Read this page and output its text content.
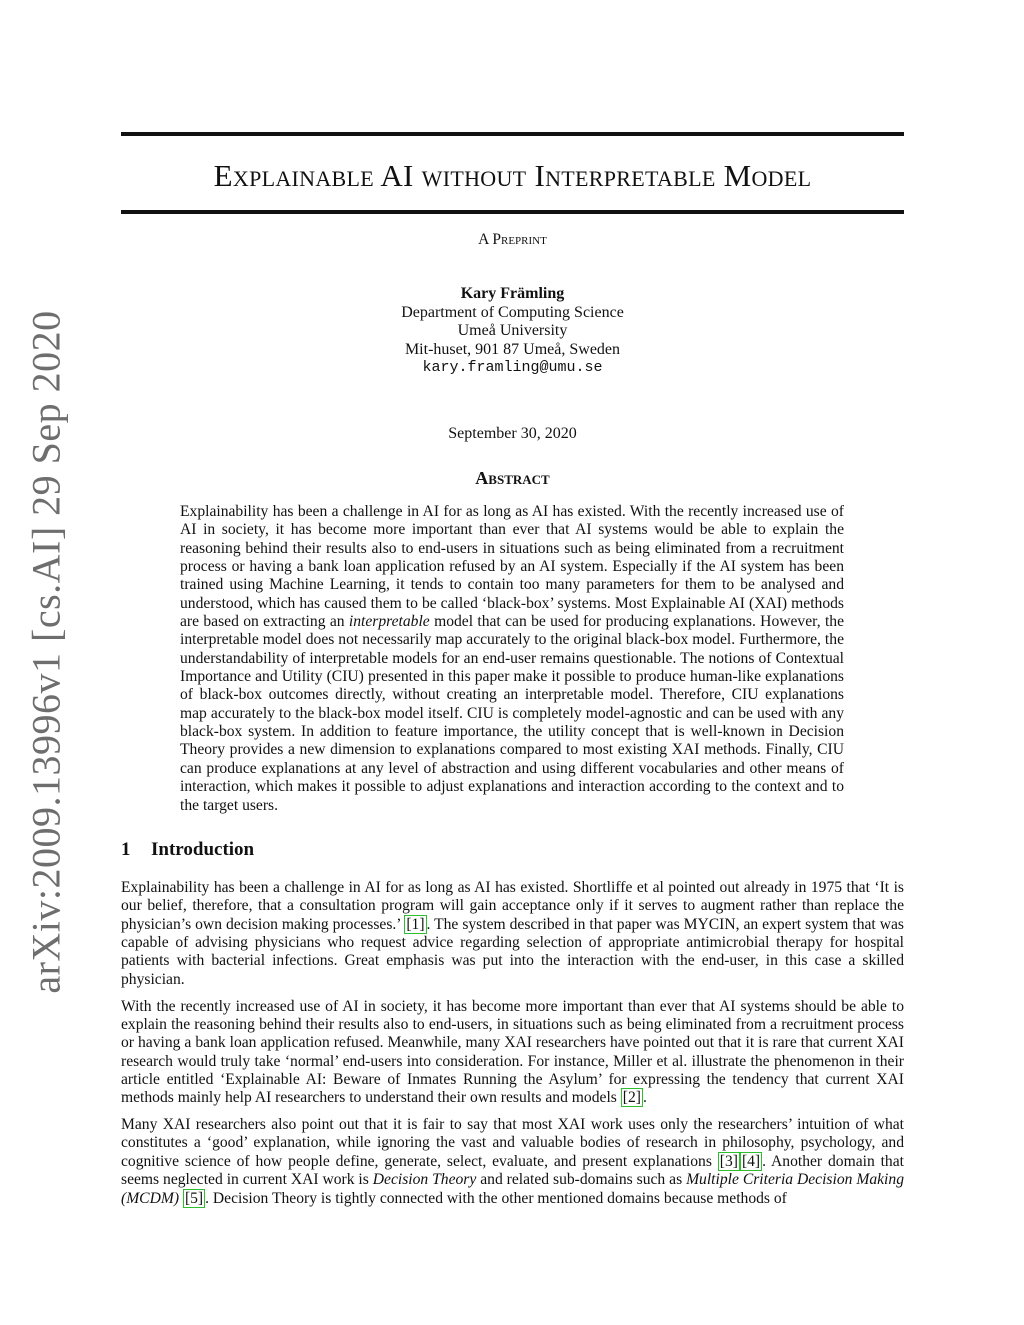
arXiv:2009.13996v1 [cs.AI] 29 Sep 2020
Explainable AI without Interpretable Model
A Preprint
Kary Främling
Department of Computing Science
Umeå University
Mit-huset, 901 87 Umeå, Sweden
kary.framling@umu.se
September 30, 2020
Abstract
Explainability has been a challenge in AI for as long as AI has existed. With the recently increased use of AI in society, it has become more important than ever that AI systems would be able to explain the reasoning behind their results also to end-users in situations such as being eliminated from a recruitment process or having a bank loan application refused by an AI system. Especially if the AI system has been trained using Machine Learning, it tends to contain too many parameters for them to be analysed and understood, which has caused them to be called ‘black-box’ systems. Most Explainable AI (XAI) methods are based on extracting an interpretable model that can be used for producing explanations. However, the interpretable model does not necessarily map accurately to the original black-box model. Furthermore, the understandability of interpretable models for an end-user remains questionable. The notions of Contextual Importance and Utility (CIU) presented in this paper make it possible to produce human-like explanations of black-box outcomes directly, without creating an interpretable model. Therefore, CIU explanations map accurately to the black-box model itself. CIU is completely model-agnostic and can be used with any black-box system. In addition to feature importance, the utility concept that is well-known in Decision Theory provides a new dimension to explanations compared to most existing XAI methods. Finally, CIU can produce explanations at any level of abstraction and using different vocabularies and other means of interaction, which makes it possible to adjust explanations and interaction according to the context and to the target users.
1 Introduction

Explainability has been a challenge in AI for as long as AI has existed. Shortliffe et al pointed out already in 1975 that ‘It is our belief, therefore, that a consultation program will gain acceptance only if it serves to augment rather than replace the physician’s own decision making processes.’ [1] . The system described in that paper was MYCIN, an expert system that was capable of advising physicians who request advice regarding selection of appropriate antimicrobial therapy for hospital patients with bacterial infections. Great emphasis was put into the interaction with the end-user, in this case a skilled physician.

With the recently increased use of AI in society, it has become more important than ever that AI systems should be able to explain the reasoning behind their results also to end-users, in situations such as being eliminated from a recruitment process or having a bank loan application refused. Meanwhile, many XAI researchers have pointed out that it is rare that current XAI research would truly take ‘normal’ end-users into consideration. For instance, Miller et al. illustrate the phenomenon in their article entitled ‘Explainable AI: Beware of Inmates Running the Asylum’ for expressing the tendency that current XAI methods mainly help AI researchers to understand their own results and models [2] .

Many XAI researchers also point out that it is fair to say that most XAI work uses only the researchers’ intuition of what constitutes a ‘good’ explanation, while ignoring the vast and valuable bodies of research in philosophy, psychology, and cognitive science of how people define, generate, select, evaluate, and present explanations [3] [4] . Another domain that seems neglected in current XAI work is Decision Theory and related sub-domains such as Multiple Criteria Decision Making (MCDM) [5] . Decision Theory is tightly connected with the other mentioned domains because methods of
